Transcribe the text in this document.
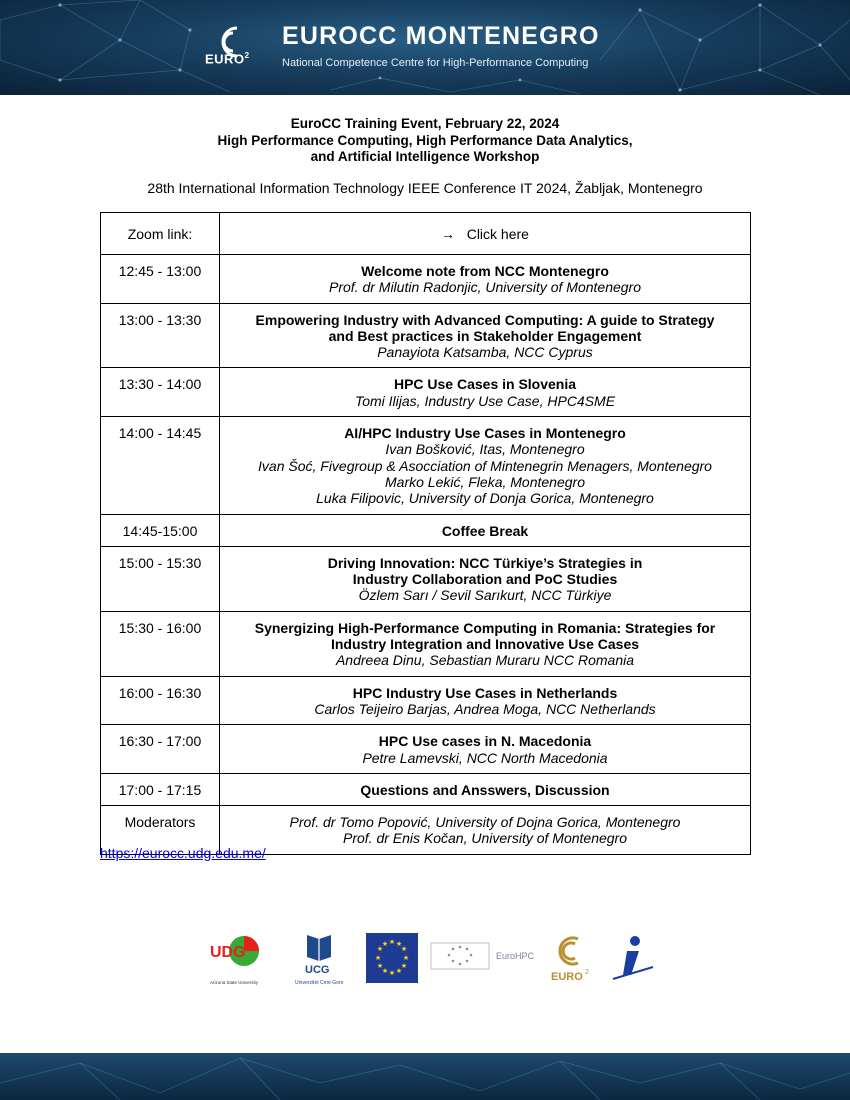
EURO$^2$
EUROCC MONTENEGRO
National Competence Centre for High-Performance Computing
EuroCC Training Event, February 22, 2024
High Performance Computing, High Performance Data Analytics,
and Artificial Intelligence Workshop
28th International Information Technology IEEE Conference IT 2024, Žabljak, Montenegro
Zoom link:	→ Click here
12:45 - 13:00	Welcome note from NCC Montenegro
Prof. dr Milutin Radonjic, University of Montenegro

13:00 - 13:30	Empowering Industry with Advanced Computing: A guide to Strategy
and Best practices in Stakeholder Engagement
Panayiota Katsamba, NCC Cyprus

13:30 - 14:00	HPC Use Cases in Slovenia
Tomi Ilijas, Industry Use Case, HPC4SME

14:00 - 14:45	AI/HPC Industry Use Cases in Montenegro
Ivan Bošković, Itas, Montenegro
Ivan Šoć, Fivegroup & Asocciation of Mintenegrin Menagers, Montenegro
Marko Lekić, Fleka, Montenegro
Luka Filipovic, University of Donja Gorica, Montenegro

14:45-15:00	Coffee Break

15:00 - 15:30	Driving Innovation: NCC Türkiye’s Strategies in
Industry Collaboration and PoC Studies
Özlem Sarı / Sevil Sarıkurt, NCC Türkiye

15:30 - 16:00	Synergizing High-Performance Computing in Romania: Strategies for
Industry Integration and Innovative Use Cases
Andreea Dinu, Sebastian Muraru NCC Romania

16:00 - 16:30	HPC Industry Use Cases in Netherlands
Carlos Teijeiro Barjas, Andrea Moga, NCC Netherlands

16:30 - 17:00	HPC Use cases in N. Macedonia
Petre Lamevski, NCC North Macedonia

17:00 - 17:15	Questions and Ansswers, Discussion

Moderators	Prof. dr Tomo Popović, University of Dojna Gorica, Montenegro
Prof. dr Enis Kočan, University of Montenegro
https://eurocc.udg.edu.me/
UDG
Arizona State University
UCG
Univerzitet Crne Gore
★ ★
★
★
★
★
★
★
★
★
★
★
EuroHPC
EURO 2
